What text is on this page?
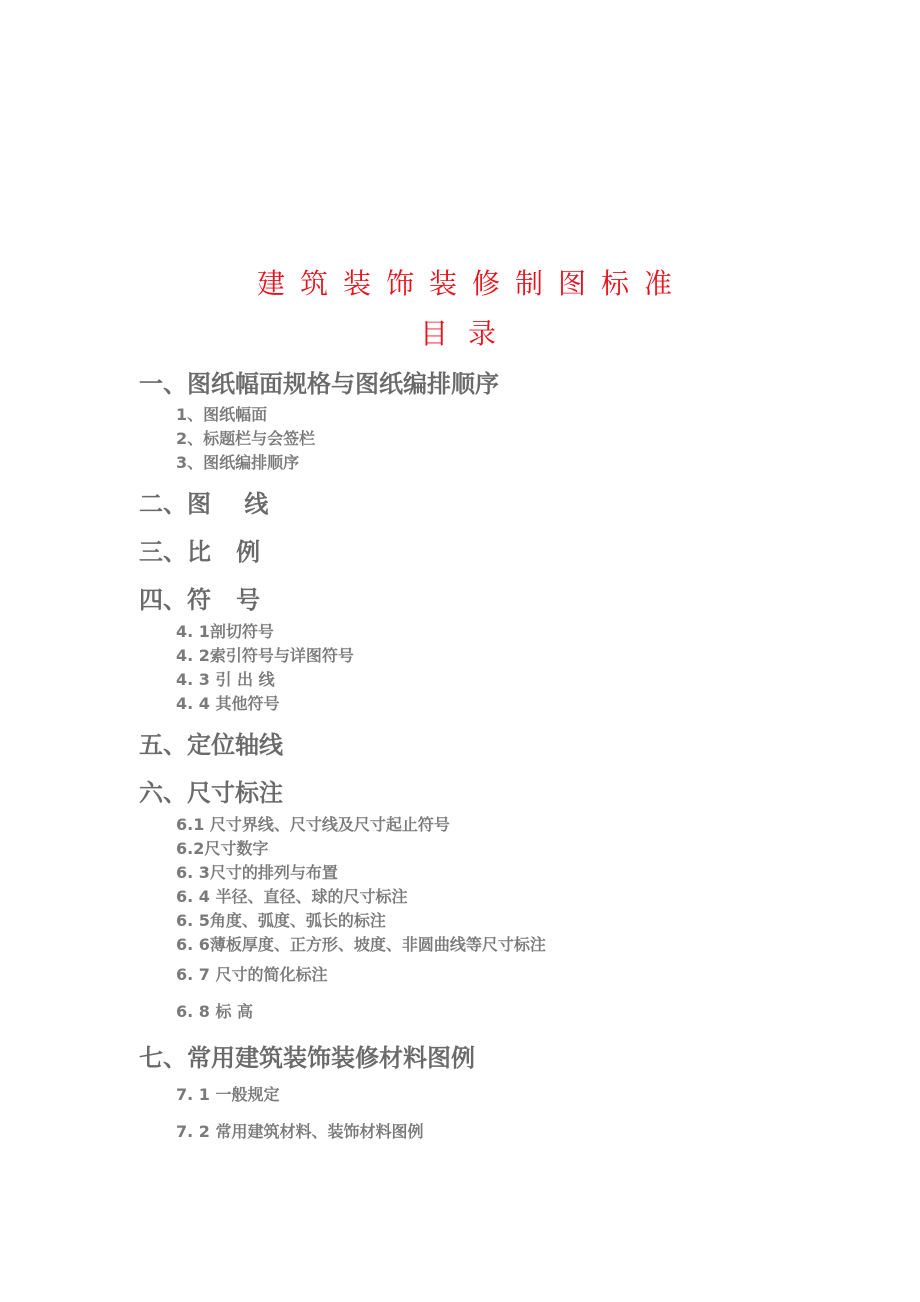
建筑装饰装修制图标准
目录
一、图纸幅面规格与图纸编排顺序
1、图纸幅面
2、标题栏与会签栏
3、图纸编排顺序
二、图    线
三、比   例
四、符   号
4. 1剖切符号
4. 2索引符号与详图符号
4. 3 引 出 线
4. 4 其他符号
五、定位轴线
六、尺寸标注
6.1 尺寸界线、尺寸线及尺寸起止符号
6.2尺寸数字
6. 3尺寸的排列与布置
6. 4 半径、直径、球的尺寸标注
6. 5角度、弧度、弧长的标注
6. 6薄板厚度、正方形、坡度、非圆曲线等尺寸标注
6. 7 尺寸的简化标注
6. 8 标 高
七、常用建筑装饰装修材料图例
7. 1 一般规定
7. 2 常用建筑材料、装饰材料图例
